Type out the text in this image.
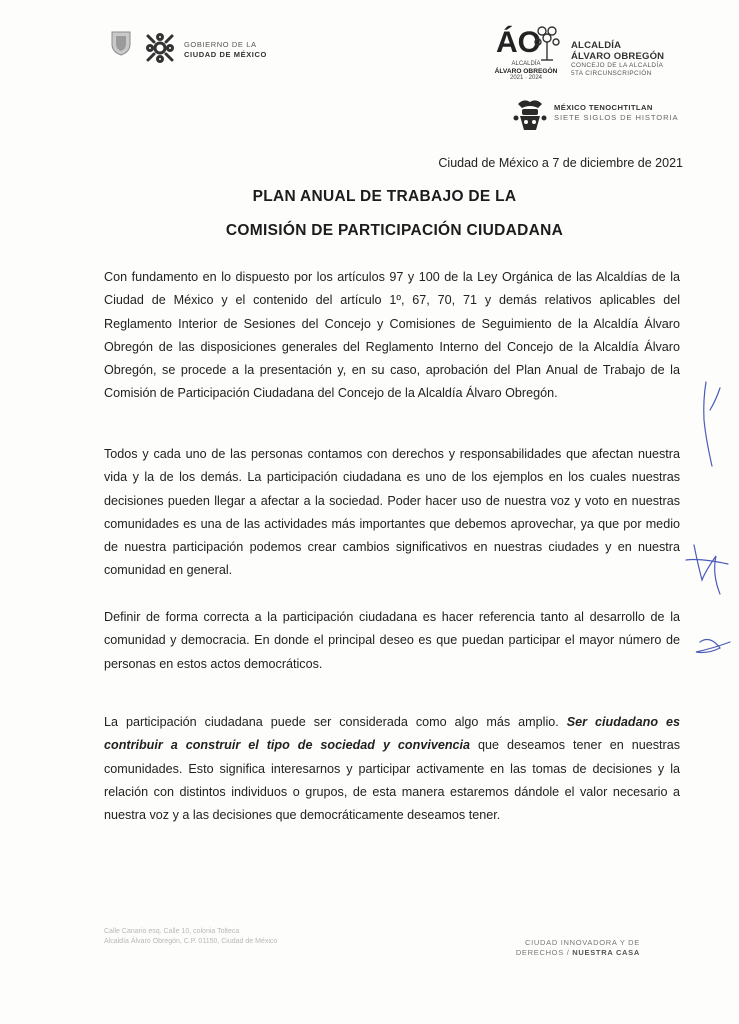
GOBIERNO DE LA
CIUDAD DE MÉXICO	ÁO
ALCALDÍA
ÁLVARO OBREGÓN
2021 · 2024
ALCALDÍA
ÁLVARO OBREGÓN
CONCEJO DE LA ALCALDÍA
5TA CIRCUNSCRIPCIÓN
MÉXICO TENOCHTITLAN
SIETE SIGLOS DE HISTORIA
Ciudad de México a 7 de diciembre de 2021
PLAN ANUAL DE TRABAJO DE LA
COMISIÓN DE PARTICIPACIÓN CIUDADANA
Con fundamento en lo dispuesto por los artículos 97 y 100 de la Ley Orgánica de las Alcaldías de la Ciudad de México y el contenido del artículo 1º, 67, 70, 71 y demás relativos aplicables del Reglamento Interior de Sesiones del Concejo y Comisiones de Seguimiento de la Alcaldía Álvaro Obregón de las disposiciones generales del Reglamento Interno del Concejo de la Alcaldía Álvaro Obregón, se procede a la presentación y, en su caso, aprobación del Plan Anual de Trabajo de la Comisión de Participación Ciudadana del Concejo de la Alcaldía Álvaro Obregón.
Todos y cada uno de las personas contamos con derechos y responsabilidades que afectan nuestra vida y la de los demás. La participación ciudadana es uno de los ejemplos en los cuales nuestras decisiones pueden llegar a afectar a la sociedad. Poder hacer uso de nuestra voz y voto en nuestras comunidades es una de las actividades más importantes que debemos aprovechar, ya que por medio de nuestra participación podemos crear cambios significativos en nuestras ciudades y en nuestra comunidad en general.
Definir de forma correcta a la participación ciudadana es hacer referencia tanto al desarrollo de la comunidad y democracia. En donde el principal deseo es que puedan participar el mayor número de personas en estos actos democráticos.
La participación ciudadana puede ser considerada como algo más amplio. Ser ciudadano es contribuir a construir el tipo de sociedad y convivencia que deseamos tener en nuestras comunidades. Esto significa interesarnos y participar activamente en las tomas de decisiones y la relación con distintos individuos o grupos, de esta manera estaremos dándole el valor necesario a nuestra voz y a las decisiones que democráticamente deseamos tener.
Calle Canario esq. Calle 10, colonia Tolteca
Alcaldía Álvaro Obregón, C.P. 01150, Ciudad de México	CIUDAD INNOVADORA Y DE
DERECHOS / NUESTRA CASA
